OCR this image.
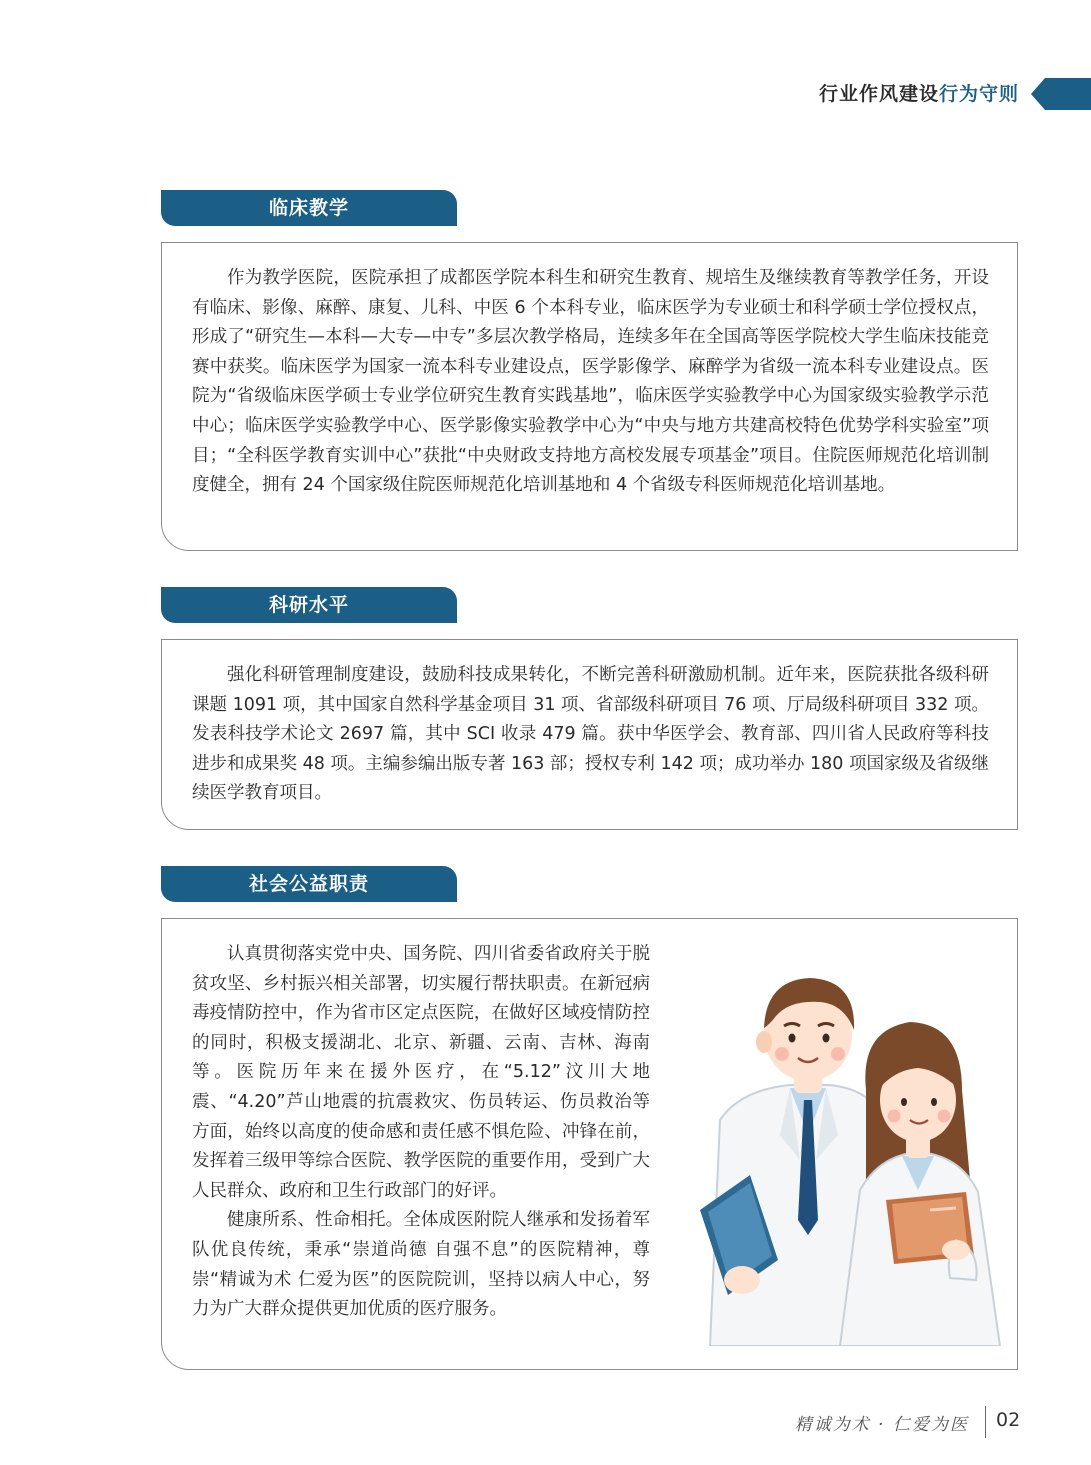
行业作风建设行为守则
临床教学

作为教学医院，医院承担了成都医学院本科生和研究生教育、规培生及继续教育等教学任务，开设有临床、影像、麻醉、康复、儿科、中医 6 个本科专业，临床医学为专业硕士和科学硕士学位授权点，形成了“研究生—本科—大专—中专”多层次教学格局，连续多年在全国高等医学院校大学生临床技能竞赛中获奖。临床医学为国家一流本科专业建设点，医学影像学、麻醉学为省级一流本科专业建设点。医院为“省级临床医学硕士专业学位研究生教育实践基地”，临床医学实验教学中心为国家级实验教学示范中心；临床医学实验教学中心、医学影像实验教学中心为“中央与地方共建高校特色优势学科实验室”项目；“全科医学教育实训中心”获批“中央财政支持地方高校发展专项基金”项目。住院医师规范化培训制度健全，拥有 24 个国家级住院医师规范化培训基地和 4 个省级专科医师规范化培训基地。

科研水平

强化科研管理制度建设，鼓励科技成果转化，不断完善科研激励机制。近年来，医院获批各级科研课题 1091 项，其中国家自然科学基金项目 31 项、省部级科研项目 76 项、厅局级科研项目 332 项。发表科技学术论文 2697 篇，其中 SCI 收录 479 篇。获中华医学会、教育部、四川省人民政府等科技进步和成果奖 48 项。主编参编出版专著 163 部；授权专利 142 项；成功举办 180 项国家级及省级继续医学教育项目。

社会公益职责

认真贯彻落实党中央、国务院、四川省委省政府关于脱贫攻坚、乡村振兴相关部署，切实履行帮扶职责。在新冠病毒疫情防控中，作为省市区定点医院，在做好区域疫情防控的同时，积极支援湖北、北京、新疆、云南、吉林、海南等。医院历年来在援外医疗，在“5.12”汶川大地震、“4.20”芦山地震的抗震救灾、伤员转运、伤员救治等方面，始终以高度的使命感和责任感不惧危险、冲锋在前，发挥着三级甲等综合医院、教学医院的重要作用，受到广大人民群众、政府和卫生行政部门的好评。

健康所系、性命相托。全体成医附院人继承和发扬着军队优良传统，秉承“崇道尚德 自强不息”的医院精神，尊崇“精诚为术 仁爱为医”的医院院训，坚持以病人中心，努力为广大群众提供更加优质的医疗服务。

精诚为术 · 仁爱为医 02
